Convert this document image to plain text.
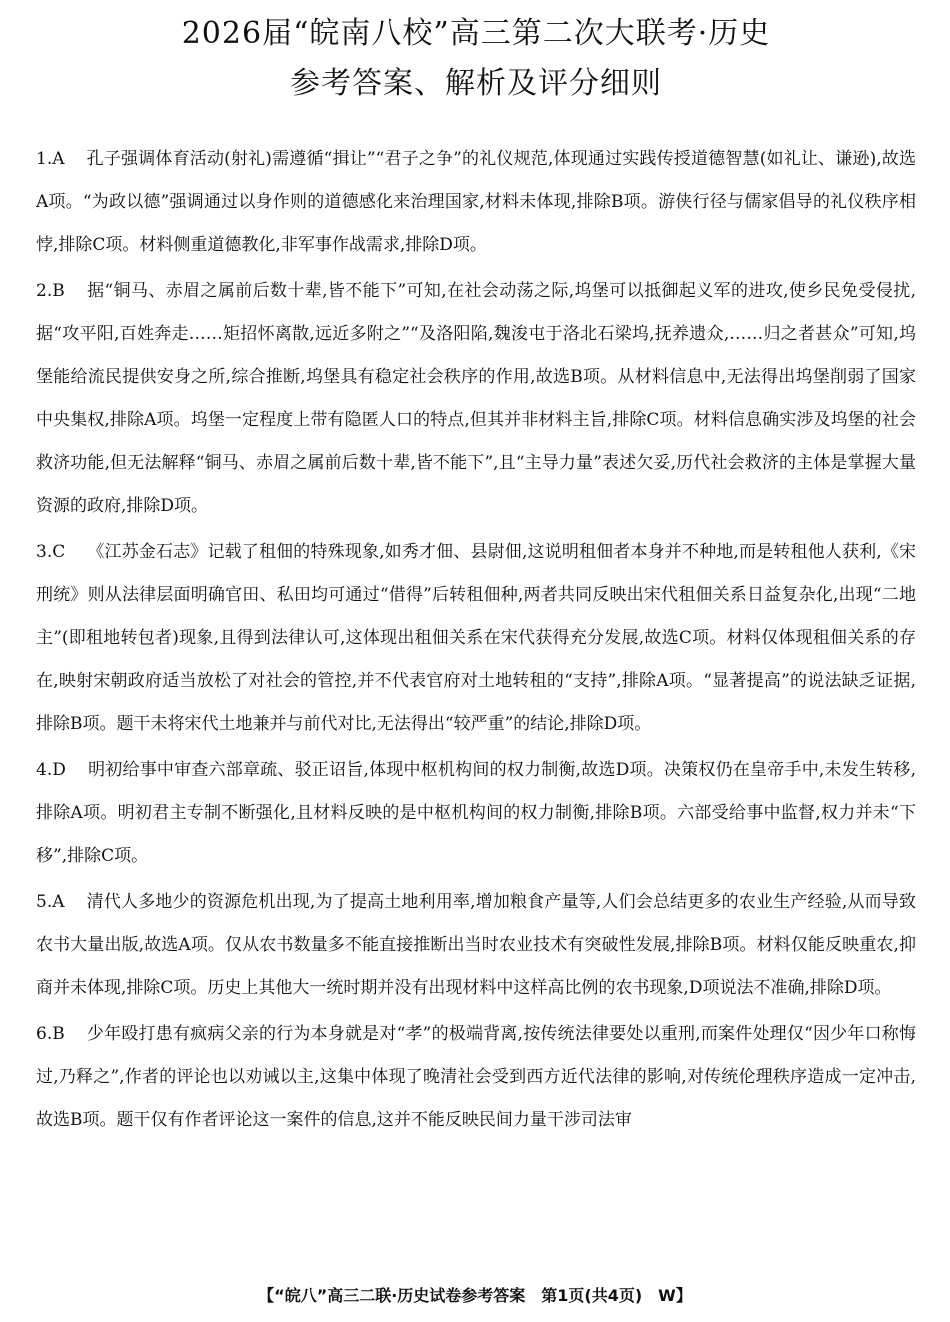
2026届“皖南八校”高三第二次大联考·历史
参考答案、解析及评分细则

1.A 孔子强调体育活动(射礼)需遵循“揖让”“君子之争”的礼仪规范,体现通过实践传授道德智慧(如礼让、谦逊),故选A项。“为政以德”强调通过以身作则的道德感化来治理国家,材料未体现,排除B项。游侠行径与儒家倡导的礼仪秩序相悖,排除C项。材料侧重道德教化,非军事作战需求,排除D项。

2.B 据“铜马、赤眉之属前后数十辈,皆不能下”可知,在社会动荡之际,坞堡可以抵御起义军的进攻,使乡民免受侵扰,据“攻平阳,百姓奔走……矩招怀离散,远近多附之”“及洛阳陷,魏浚屯于洛北石梁坞,抚养遗众,……归之者甚众”可知,坞堡能给流民提供安身之所,综合推断,坞堡具有稳定社会秩序的作用,故选B项。从材料信息中,无法得出坞堡削弱了国家中央集权,排除A项。坞堡一定程度上带有隐匿人口的特点,但其并非材料主旨,排除C项。材料信息确实涉及坞堡的社会救济功能,但无法解释“铜马、赤眉之属前后数十辈,皆不能下”,且“主导力量”表述欠妥,历代社会救济的主体是掌握大量资源的政府,排除D项。

3.C 《江苏金石志》记载了租佃的特殊现象,如秀才佃、县尉佃,这说明租佃者本身并不种地,而是转租他人获利,《宋刑统》则从法律层面明确官田、私田均可通过“借得”后转租佃种,两者共同反映出宋代租佃关系日益复杂化,出现“二地主”(即租地转包者)现象,且得到法律认可,这体现出租佃关系在宋代获得充分发展,故选C项。材料仅体现租佃关系的存在,映射宋朝政府适当放松了对社会的管控,并不代表官府对土地转租的“支持”,排除A项。“显著提高”的说法缺乏证据,排除B项。题干未将宋代土地兼并与前代对比,无法得出“较严重”的结论,排除D项。

4.D 明初给事中审查六部章疏、驳正诏旨,体现中枢机构间的权力制衡,故选D项。决策权仍在皇帝手中,未发生转移,排除A项。明初君主专制不断强化,且材料反映的是中枢机构间的权力制衡,排除B项。六部受给事中监督,权力并未“下移”,排除C项。

5.A 清代人多地少的资源危机出现,为了提高土地利用率,增加粮食产量等,人们会总结更多的农业生产经验,从而导致农书大量出版,故选A项。仅从农书数量多不能直接推断出当时农业技术有突破性发展,排除B项。材料仅能反映重农,抑商并未体现,排除C项。历史上其他大一统时期并没有出现材料中这样高比例的农书现象,D项说法不准确,排除D项。

6.B 少年殴打患有疯病父亲的行为本身就是对“孝”的极端背离,按传统法律要处以重刑,而案件处理仅“因少年口称悔过,乃释之”,作者的评论也以劝诫以主,这集中体现了晚清社会受到西方近代法律的影响,对传统伦理秩序造成一定冲击,故选B项。题干仅有作者评论这一案件的信息,这并不能反映民间力量干涉司法审

【“皖八”高三二联·历史试卷参考答案　第1页(共4页)　W】
